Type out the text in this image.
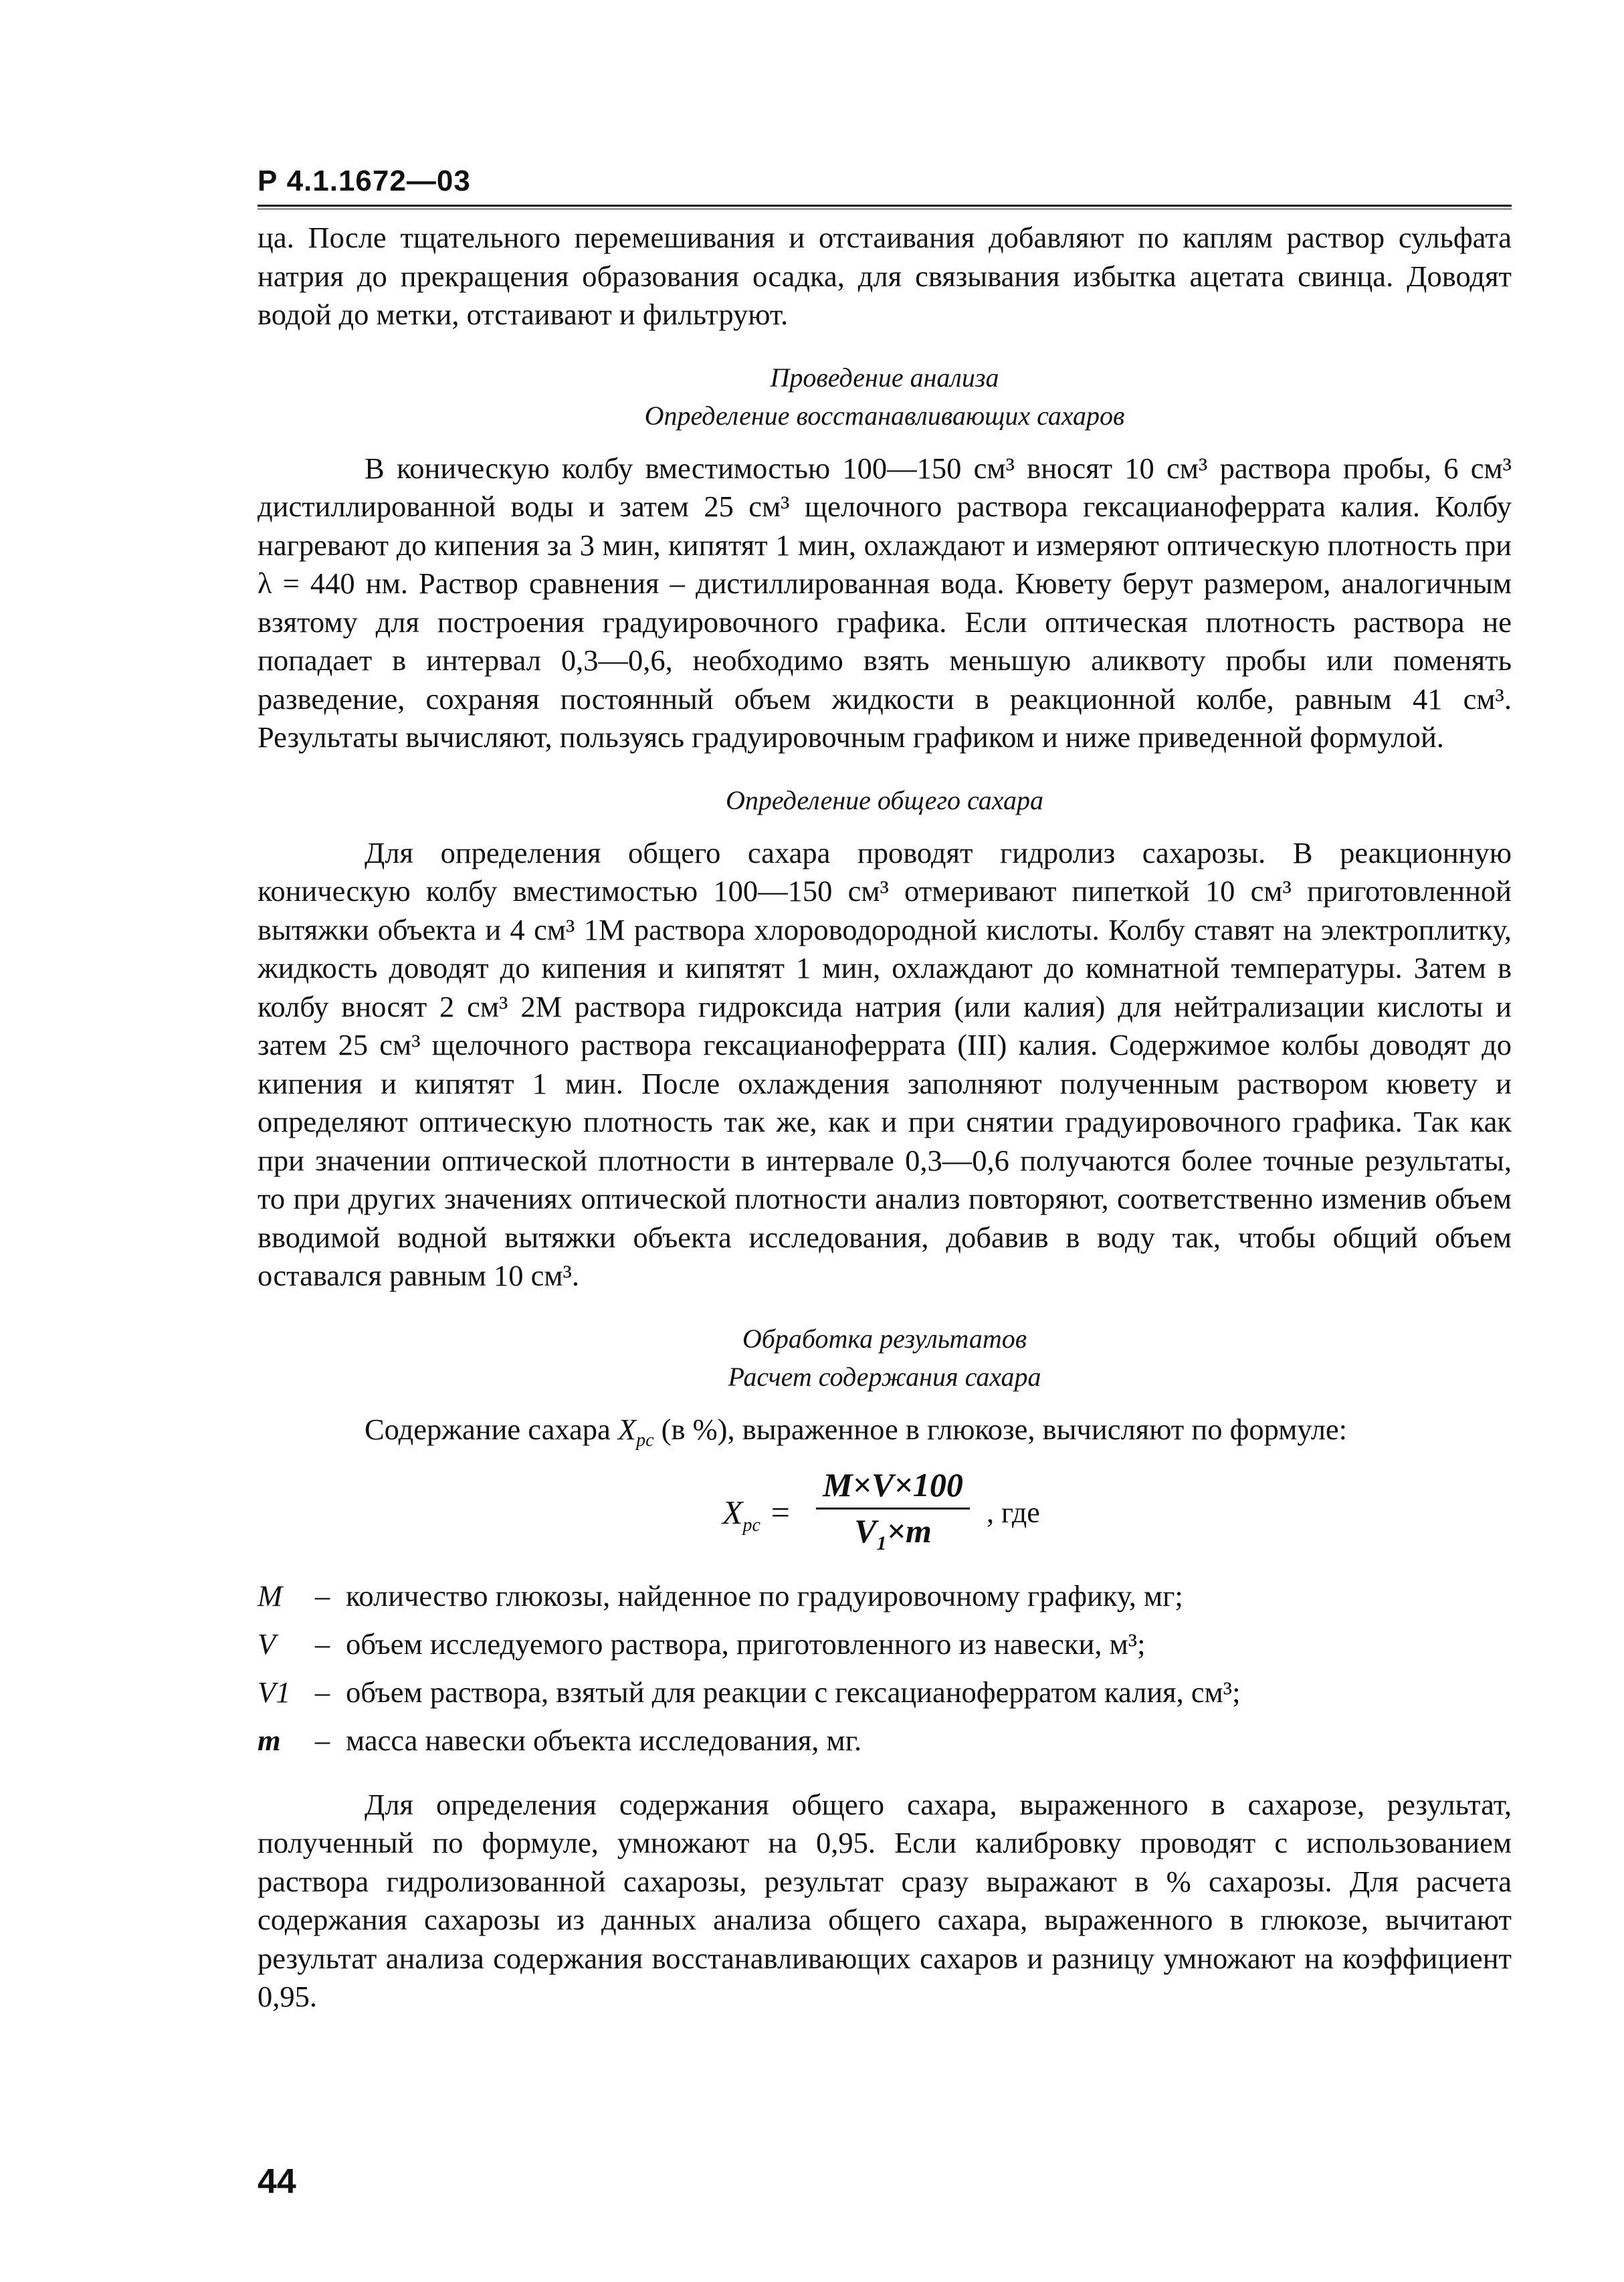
Р 4.1.1672—03

ца. После тщательного перемешивания и отстаивания добавляют по каплям раствор сульфата натрия до прекращения образования осадка, для связывания избытка ацетата свинца. Доводят водой до метки, отстаивают и фильтруют.

Проведение анализа
Определение восстанавливающих сахаров

В коническую колбу вместимостью 100—150 см³ вносят 10 см³ раствора пробы, 6 см³ дистиллированной воды и затем 25 см³ щелочного раствора гексацианоферрата калия. Колбу нагревают до кипения за 3 мин, кипятят 1 мин, охлаждают и измеряют оптическую плотность при λ = 440 нм. Раствор сравнения – дистиллированная вода. Кювету берут размером, аналогичным взятому для построения градуировочного графика. Если оптическая плотность раствора не попадает в интервал 0,3—0,6, необходимо взять меньшую аликвоту пробы или поменять разведение, сохраняя постоянный объем жидкости в реакционной колбе, равным 41 см³. Результаты вычисляют, пользуясь градуировочным графиком и ниже приведенной формулой.

Определение общего сахара

Для определения общего сахара проводят гидролиз сахарозы. В реакционную коническую колбу вместимостью 100—150 см³ отмеривают пипеткой 10 см³ приготовленной вытяжки объекта и 4 см³ 1М раствора хлороводородной кислоты. Колбу ставят на электроплитку, жидкость доводят до кипения и кипятят 1 мин, охлаждают до комнатной температуры. Затем в колбу вносят 2 см³ 2М раствора гидроксида натрия (или калия) для нейтрализации кислоты и затем 25 см³ щелочного раствора гексацианоферрата (III) калия. Содержимое колбы доводят до кипения и кипятят 1 мин. После охлаждения заполняют полученным раствором кювету и определяют оптическую плотность так же, как и при снятии градуировочного графика. Так как при значении оптической плотности в интервале 0,3—0,6 получаются более точные результаты, то при других значениях оптической плотности анализ повторяют, соответственно изменив объем вводимой водной вытяжки объекта исследования, добавив в воду так, чтобы общий объем оставался равным 10 см³.

Обработка результатов
Расчет содержания сахара

Содержание сахара $X_{pc}$ (в %), выраженное в глюкозе, вычисляют по формуле:

$X_{pc} = \frac{M\times V\times 100}{V_1\times m}$ , где
M	– количество глюкозы, найденное по градуировочному графику, мг;
V	– объем исследуемого раствора, приготовленного из навески, м³;
V1 – объем раствора, взятый для реакции с гексацианоферратом калия, см³;
m	– масса навески объекта исследования, мг.

Для определения содержания общего сахара, выраженного в сахарозе, результат, полученный по формуле, умножают на 0,95. Если калибровку проводят с использованием раствора гидролизованной сахарозы, результат сразу выражают в % сахарозы. Для расчета содержания сахарозы из данных анализа общего сахара, выраженного в глюкозе, вычитают результат анализа содержания восстанавливающих сахаров и разницу умножают на коэффициент 0,95.

44
